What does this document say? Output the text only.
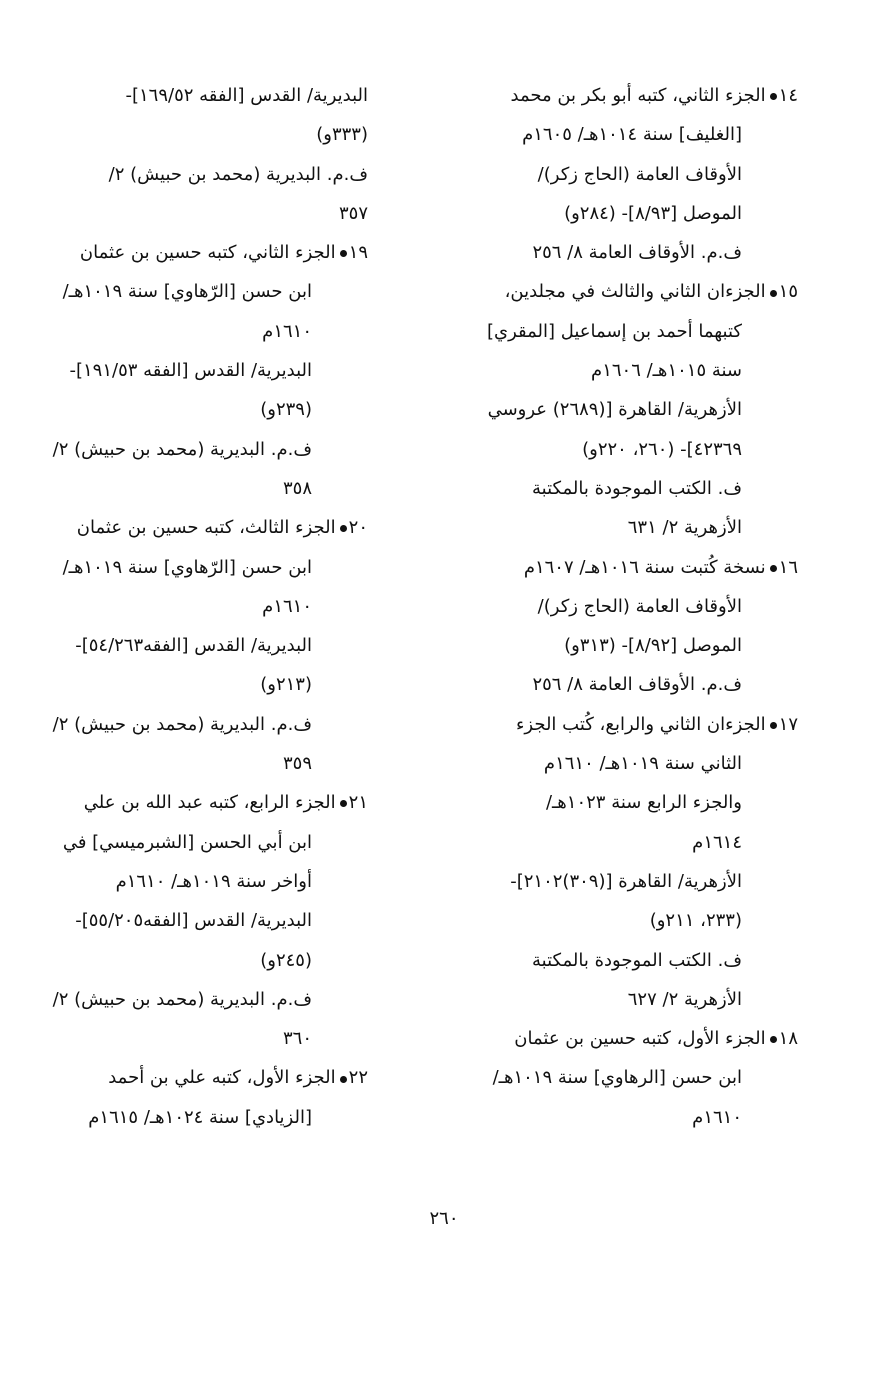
١٤
الجزء الثاني، كتبه أبو بكر بن محمد
[الغليف] سنة ١٠١٤هـ/ ١٦٠٥م
الأوقاف العامة (الحاج زكر)/
الموصل [٨/٩٣]- (٢٨٤و)
ف.م. الأوقاف العامة ٨/ ٢٥٦
١٥
الجزءان الثاني والثالث في مجلدين،
كتبهما أحمد بن إسماعيل [المقري]
سنة ١٠١٥هـ/ ١٦٠٦م
الأزهرية/ القاهرة [(٢٦٨٩) عروسي
٤٢٣٦٩]- (٢٦٠، ٢٢٠و)
ف. الكتب الموجودة بالمكتبة
الأزهرية ٢/ ٦٣١
١٦
نسخة كُتبت سنة ١٠١٦هـ/ ١٦٠٧م
الأوقاف العامة (الحاج زكر)/
الموصل [٨/٩٢]- (٣١٣و)
ف.م. الأوقاف العامة ٨/ ٢٥٦
١٧
الجزءان الثاني والرابع، كُتب الجزء
الثاني سنة ١٠١٩هـ/ ١٦١٠م
والجزء الرابع سنة ١٠٢٣هـ/
١٦١٤م
الأزهرية/ القاهرة [(٣٠٩)٢١٠٢]-
(٢٣٣، ٢١١و)
ف. الكتب الموجودة بالمكتبة
الأزهرية ٢/ ٦٢٧
١٨
الجزء الأول، كتبه حسين بن عثمان
ابن حسن [الرهاوي] سنة ١٠١٩هـ/
١٦١٠م
البديرية/ القدس [الفقه ١٦٩/٥٢]-
(٣٣٣و)
ف.م. البديرية (محمد بن حبيش) ٢/
٣٥٧
١٩
الجزء الثاني، كتبه حسين بن عثمان
ابن حسن [الرّهاوي] سنة ١٠١٩هـ/
١٦١٠م
البديرية/ القدس [الفقه ١٩١/٥٣]-
(٢٣٩و)
ف.م. البديرية (محمد بن حبيش) ٢/
٣٥٨
٢٠
الجزء الثالث، كتبه حسين بن عثمان
ابن حسن [الرّهاوي] سنة ١٠١٩هـ/
١٦١٠م
البديرية/ القدس [الفقه٥٤/٢٦٣]-
(٢١٣و)
ف.م. البديرية (محمد بن حبيش) ٢/
٣٥٩
٢١
الجزء الرابع، كتبه عبد الله بن علي
ابن أبي الحسن [الشبرميسي] في
أواخر سنة ١٠١٩هـ/ ١٦١٠م
البديرية/ القدس [الفقه٥٥/٢٠٥]-
(٢٤٥و)
ف.م. البديرية (محمد بن حبيش) ٢/
٣٦٠
٢٢
الجزء الأول، كتبه علي بن أحمد
[الزيادي] سنة ١٠٢٤هـ/ ١٦١٥م
٢٦٠
